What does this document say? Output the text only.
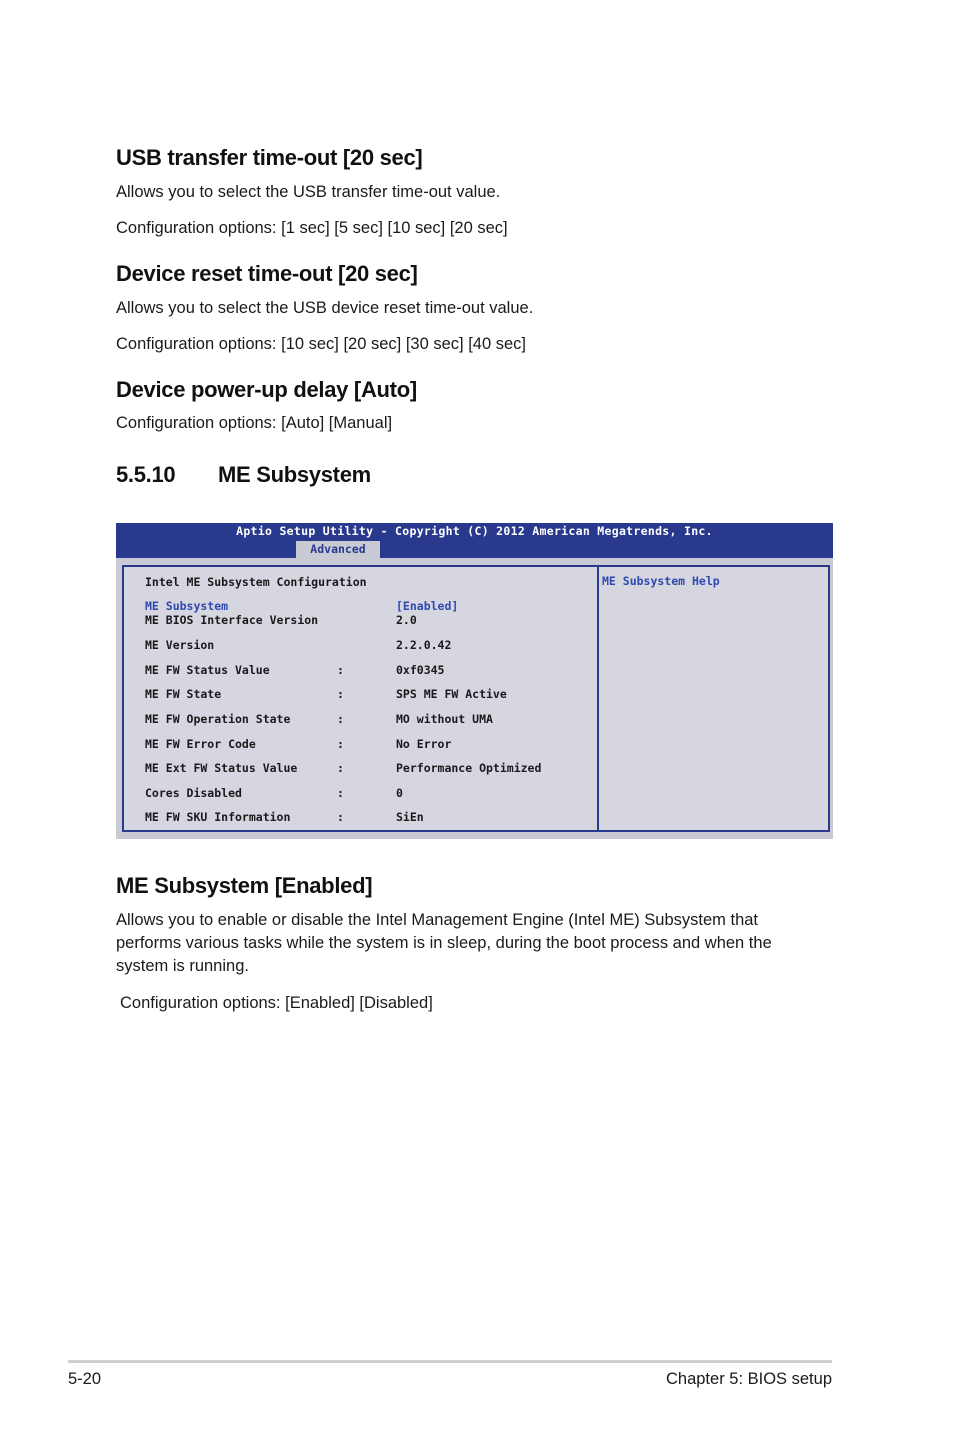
USB transfer time-out [20 sec]

Allows you to select the USB transfer time-out value.

Configuration options: [1 sec] [5 sec] [10 sec] [20 sec]

Device reset time-out [20 sec]

Allows you to select the USB device reset time-out value.

Configuration options: [10 sec] [20 sec] [30 sec] [40 sec]

Device power-up delay [Auto]

Configuration options: [Auto] [Manual]

5.5.10 ME Subsystem
Aptio Setup Utility - Copyright (C) 2012 American Megatrends, Inc.
Advanced
Intel ME Subsystem Configuration
ME Subsystem	[Enabled]
ME BIOS Interface Version	2.0
ME Version	2.2.0.42
ME FW Status Value	:	0xf0345
ME FW State	:	SPS ME FW Active
ME FW Operation State	:	MO without UMA
ME FW Error Code	:	No Error
ME Ext FW Status Value	:	Performance Optimized
Cores Disabled	:	0
ME FW SKU Information	:	SiEn
ME Subsystem Help
ME Subsystem [Enabled]

Allows you to enable or disable the Intel Management Engine (Intel ME) Subsystem that performs various tasks while the system is in sleep, during the boot process and when the system is running.

Configuration options: [Enabled] [Disabled]

5-20	Chapter 5: BIOS setup
